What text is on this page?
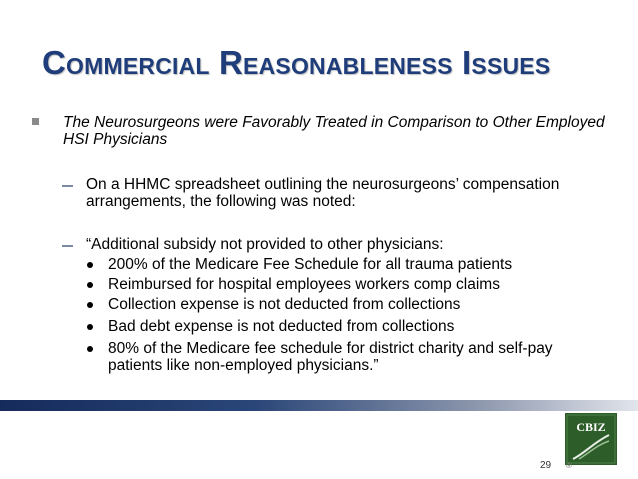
Commercial Reasonableness Issues
The Neurosurgeons were Favorably Treated in Comparison to Other Employed HSI Physicians
On a HHMC spreadsheet outlining the neurosurgeons’ compensation arrangements, the following was noted:
“Additional subsidy not provided to other physicians:
200% of the Medicare Fee Schedule for all trauma patients
Reimbursed for hospital employees workers comp claims
Collection expense is not deducted from collections
Bad debt expense is not deducted from collections
80% of the Medicare fee schedule for district charity and self-pay patients like non-employed physicians.”
CBIZ
®
29
